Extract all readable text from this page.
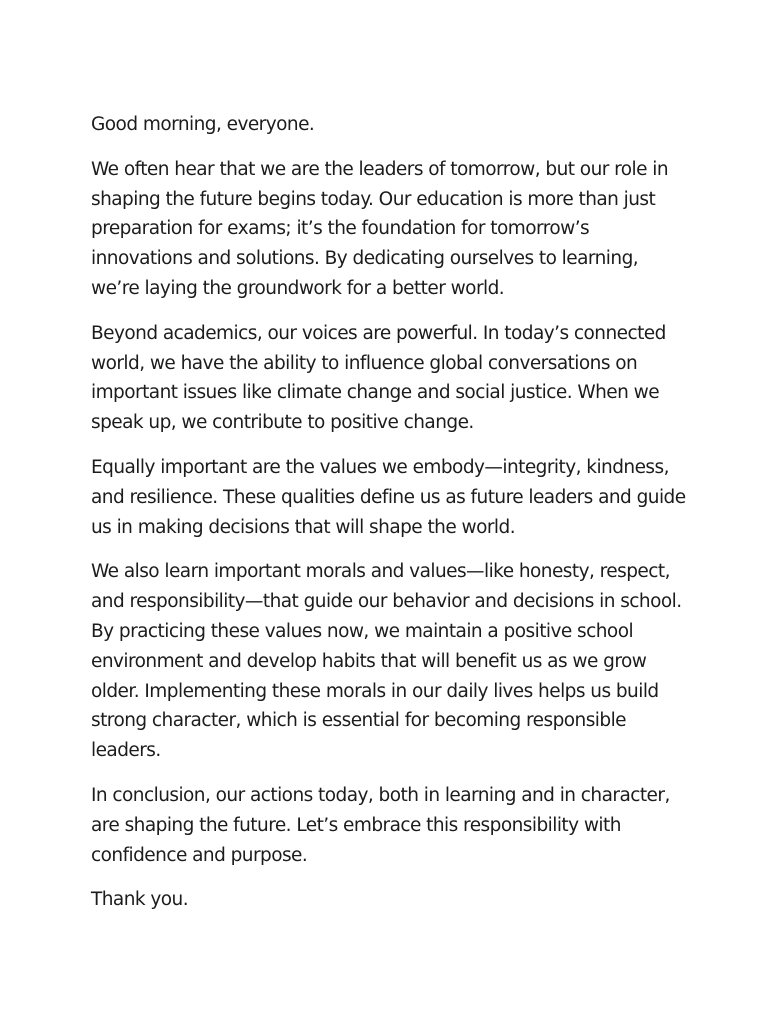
Good morning, everyone.

We often hear that we are the leaders of tomorrow, but our role in shaping the future begins today. Our education is more than just preparation for exams; it’s the foundation for tomorrow’s innovations and solutions. By dedicating ourselves to learning, we’re laying the groundwork for a better world.

Beyond academics, our voices are powerful. In today’s connected world, we have the ability to influence global conversations on important issues like climate change and social justice. When we speak up, we contribute to positive change.

Equally important are the values we embody—integrity, kindness, and resilience. These qualities define us as future leaders and guide us in making decisions that will shape the world.

We also learn important morals and values—like honesty, respect, and responsibility—that guide our behavior and decisions in school. By practicing these values now, we maintain a positive school environment and develop habits that will benefit us as we grow older. Implementing these morals in our daily lives helps us build strong character, which is essential for becoming responsible leaders.

In conclusion, our actions today, both in learning and in character, are shaping the future. Let’s embrace this responsibility with confidence and purpose.

Thank you.
